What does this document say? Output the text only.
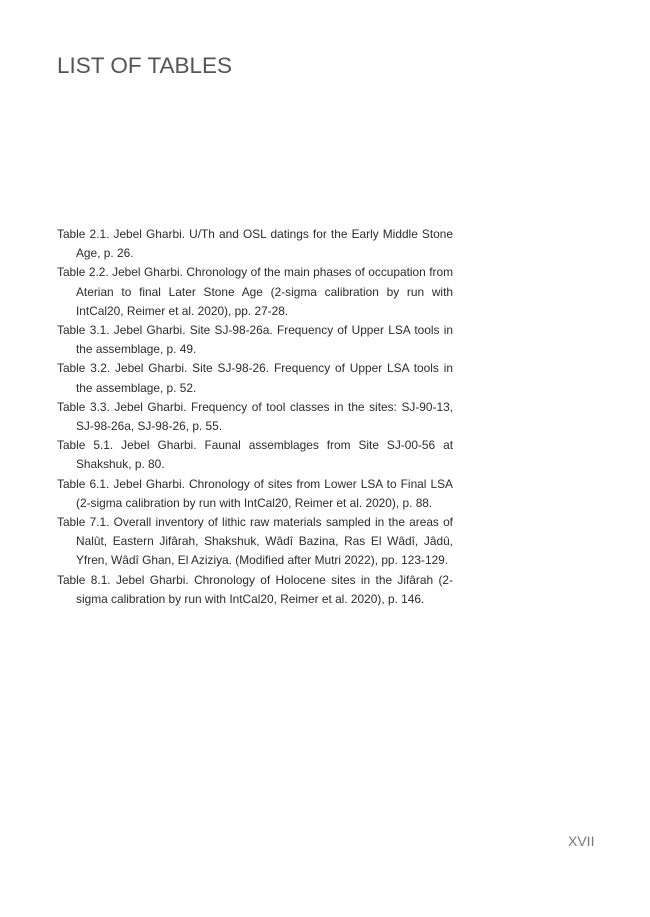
LIST OF TABLES
Table 2.1. Jebel Gharbi. U/Th and OSL datings for the Early Middle Stone Age, p. 26.
Table 2.2. Jebel Gharbi. Chronology of the main phases of occupation from Aterian to final Later Stone Age (2-sigma calibration by run with IntCal20, Reimer et al. 2020), pp. 27-28.
Table 3.1. Jebel Gharbi. Site SJ-98-26a. Frequency of Upper LSA tools in the assemblage, p. 49.
Table 3.2. Jebel Gharbi. Site SJ-98-26. Frequency of Upper LSA tools in the assemblage, p. 52.
Table 3.3. Jebel Gharbi. Frequency of tool classes in the sites: SJ-90-13, SJ-98-26a, SJ-98-26, p. 55.
Table 5.1. Jebel Gharbi. Faunal assemblages from Site SJ-00-56 at Shakshuk, p. 80.
Table 6.1. Jebel Gharbi. Chronology of sites from Lower LSA to Final LSA (2-sigma calibration by run with IntCal20, Reimer et al. 2020), p. 88.
Table 7.1. Overall inventory of lithic raw materials sampled in the areas of Nalût, Eastern Jifârah, Shakshuk, Wâdî Bazina, Ras El Wâdî, Jâdû, Yfren, Wâdî Ghan, El Aziziya. (Modified after Mutri 2022), pp. 123-129.
Table 8.1. Jebel Gharbi. Chronology of Holocene sites in the Jifârah (2-sigma calibration by run with IntCal20, Reimer et al. 2020), p. 146.
XVII
